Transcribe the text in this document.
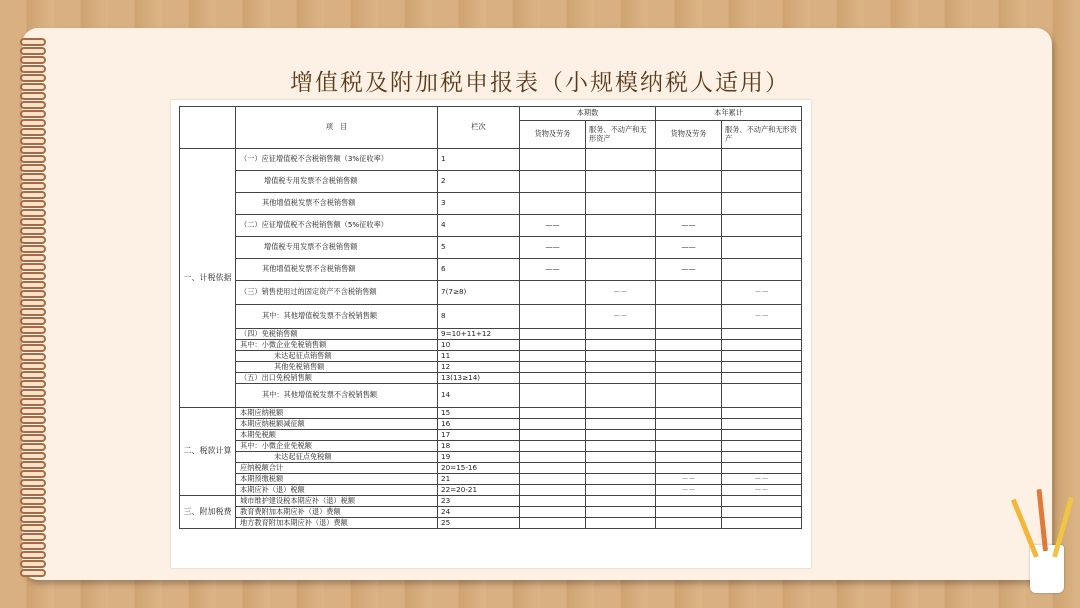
增值税及附加税申报表（小规模纳税人适用）
	项　目	栏次	本期数		本年累计	
			货物及劳务	服务、不动产和无形资产	货物及劳务	服务、不动产和无形资产
一、计税依据	（一）应征增值税不含税销售额（3%征收率）	1				
	增值税专用发票不含税销售额	2				
	其他增值税发票不含税销售额	3				
	（二）应征增值税不含税销售额（5%征收率）	4	——		——	
	增值税专用发票不含税销售额	5	——		——	
	其他增值税发票不含税销售额	6	——		——	
	（三）销售使用过的固定资产不含税销售额	7(7≥8)		－－		－－
	其中：其他增值税发票不含税销售额	8		－－		－－
	（四）免税销售额	9=10+11+12				
	其中：小微企业免税销售额	10				
	未达起征点销售额	11				
	其他免税销售额	12				
	（五）出口免税销售额	13(13≥14)				
	其中：其他增值税发票不含税销售额	14				
二、税款计算	本期应纳税额	15				
	本期应纳税额减征额	16				
	本期免税额	17				
	其中：小微企业免税额	18				
	未达起征点免税额	19				
	应纳税额合计	20=15-16				
	本期预缴税额	21			－－	－－
	本期应补（退）税额	22=20-21			－－	－－
三、附加税费	城市维护建设税本期应补（退）税额	23				
	教育费附加本期应补（退）费额	24				
	地方教育附加本期应补（退）费额	25				
